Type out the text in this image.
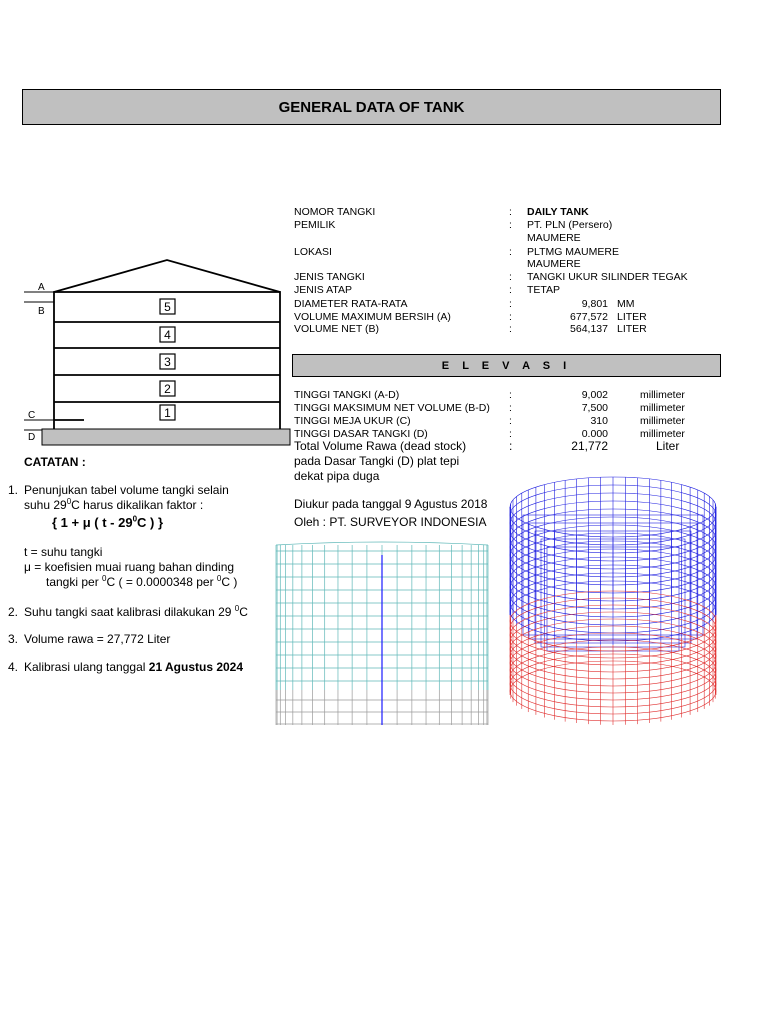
GENERAL DATA OF TANK
NOMOR TANGKI	: DAILY TANK
PEMILIK	: PT. PLN (Persero)
MAUMERE
LOKASI	: PLTMG MAUMERE
MAUMERE
JENIS TANGKI	: TANGKI UKUR SILINDER TEGAK
JENIS ATAP	: TETAP
DIAMETER RATA-RATA	:	9,801 MM
VOLUME MAXIMUM BERSIH (A)	:	677,572 LITER
VOLUME NET (B)	:	564,137 LITER
E L E V A S I
TINGGI TANGKI (A-D)	:	9,002	millimeter
TINGGI MAKSIMUM NET VOLUME (B-D) :	7,500	millimeter
TINGGI MEJA UKUR (C)	:	310	millimeter
TINGGI DASAR TANGKI (D)	:	0.000	millimeter
Total Volume Rawa (dead stock)	:	21,772	Liter
pada Dasar Tangki (D) plat tepi
dekat pipa duga
Diukur pada tanggal 9 Agustus 2018
Oleh : PT. SURVEYOR INDONESIA
A
B
C
D
5
4
3
2
1
CATATAN :
1. Penunjukan tabel volume tangki selain
suhu $29^0C$ harus dikalikan faktor :
{ 1 + μ ( t - $29^0C$ ) }
t = suhu tangki
μ = koefisien muai ruang bahan dinding
tangki per $^0$C ( = 0.0000348 per $^0$C )
2. Suhu tangki saat kalibrasi dilakukan 29 $^0$C
3. Volume rawa = 27,772 Liter
4. Kalibrasi ulang tanggal 21 Agustus 2024
